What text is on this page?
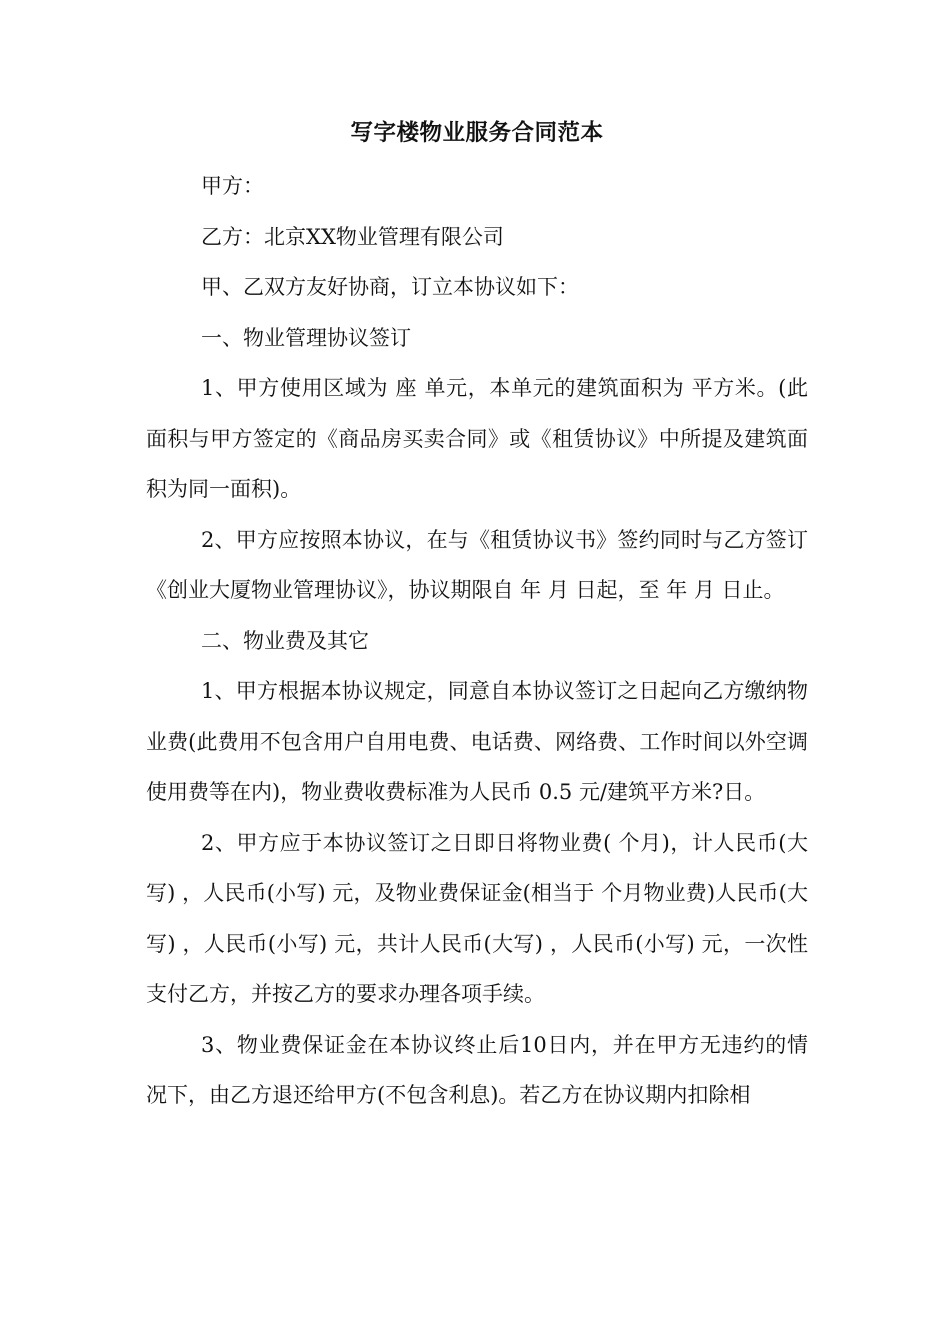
写字楼物业服务合同范本

甲方：

乙方：北京XX物业管理有限公司

甲、乙双方友好协商，订立本协议如下：

一、物业管理协议签订

1、甲方使用区域为 座 单元，本单元的建筑面积为 平方米。(此面积与甲方签定的《商品房买卖合同》或《租赁协议》中所提及建筑面积为同一面积)。

2、甲方应按照本协议，在与《租赁协议书》签约同时与乙方签订《创业大厦物业管理协议》，协议期限自 年 月 日起，至 年 月 日止。

二、物业费及其它

1、甲方根据本协议规定，同意自本协议签订之日起向乙方缴纳物业费(此费用不包含用户自用电费、电话费、网络费、工作时间以外空调使用费等在内)，物业费收费标准为人民币 0.5 元/建筑平方米?日。

2、甲方应于本协议签订之日即日将物业费( 个月)，计人民币(大写) ，人民币(小写) 元，及物业费保证金(相当于 个月物业费)人民币(大写) ，人民币(小写) 元，共计人民币(大写) ，人民币(小写) 元，一次性支付乙方，并按乙方的要求办理各项手续。

3、物业费保证金在本协议终止后10日内，并在甲方无违约的情况下，由乙方退还给甲方(不包含利息)。若乙方在协议期内扣除相
